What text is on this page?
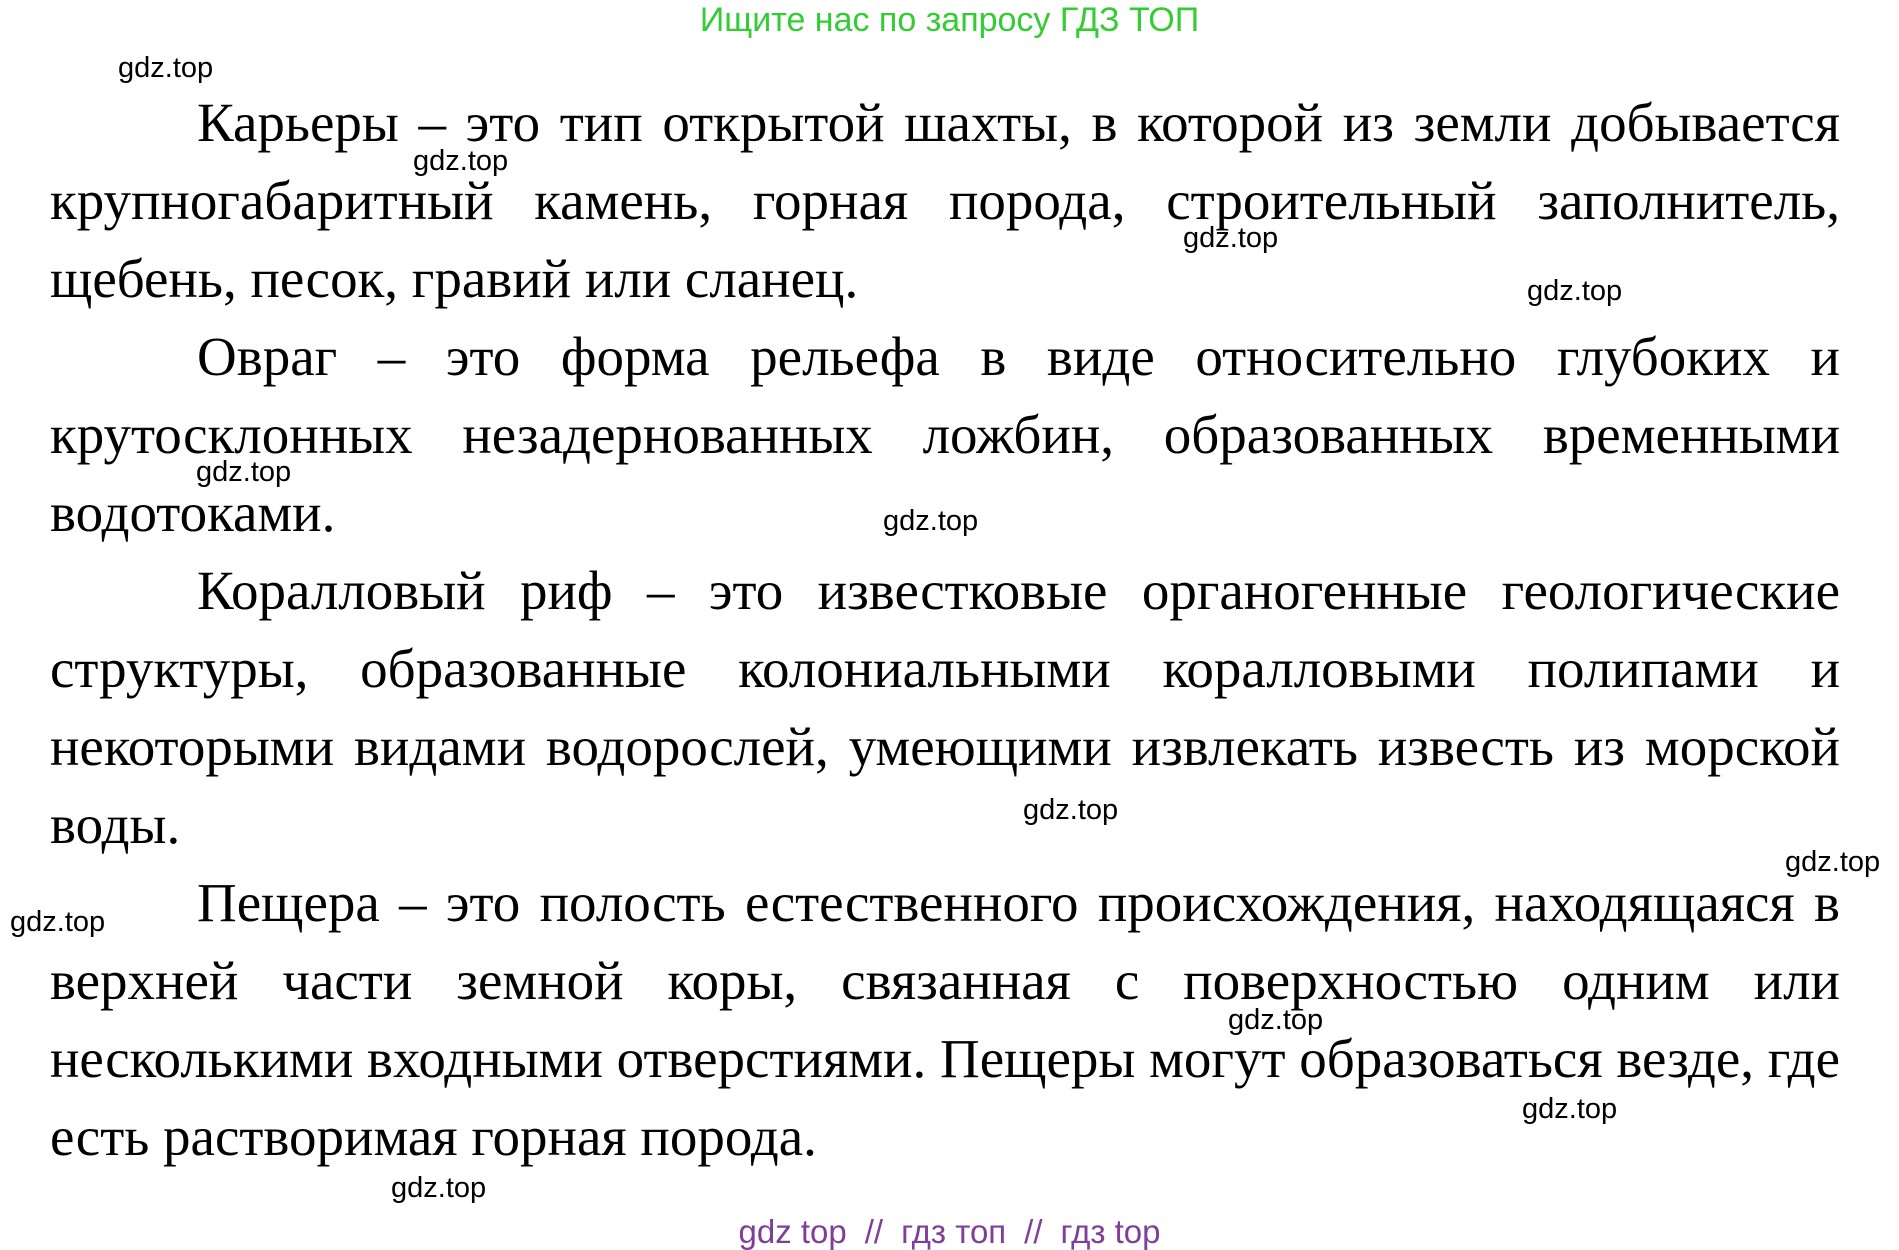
Ищите нас по запросу ГДЗ ТОП

Карьеры – это тип открытой шахты, в которой из земли добывается крупногабаритный камень, горная порода, строительный заполнитель, щебень, песок, гравий или сланец.

Овраг – это форма рельефа в виде относительно глубоких и крутосклонных незадернованных ложбин, образованных временными водотоками.

Коралловый риф – это известковые органогенные геологические структуры, образованные колониальными коралловыми полипами и некоторыми видами водорослей, умеющими извлекать известь из морской воды.

Пещера – это полость естественного происхождения, находящаяся в верхней части земной коры, связанная с поверхностью одним или несколькими входными отверстиями. Пещеры могут образоваться везде, где есть растворимая горная порода.

gdz.top
gdz.top
gdz.top
gdz.top
gdz.top
gdz.top
gdz.top
gdz.top
gdz.top
gdz.top
gdz.top
gdz.top
gdz top // гдз топ // гдз top
